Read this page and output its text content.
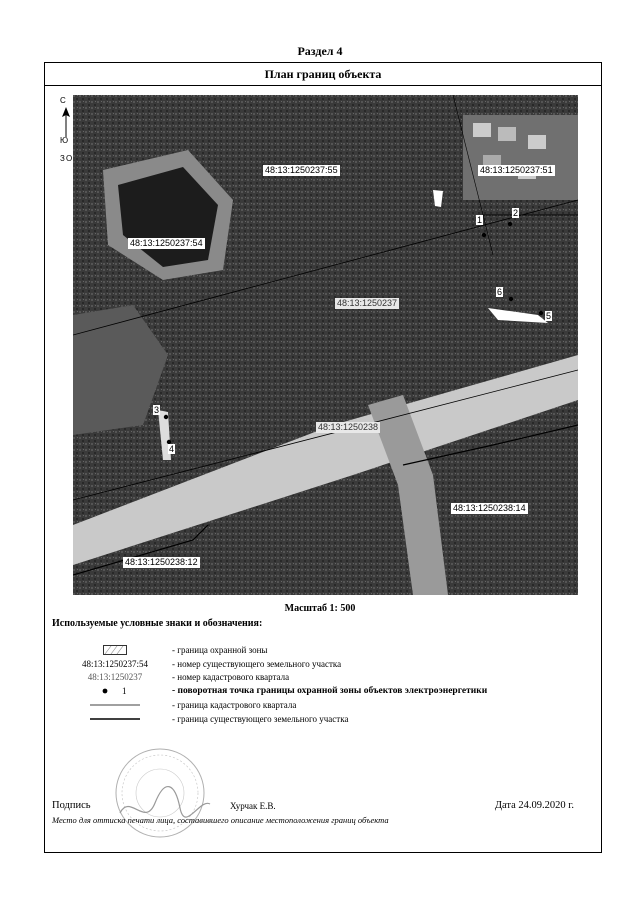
Раздел 4
План границ объекта
С
Ю
З О
48:13:1250237:55	48:13:1250237:51
48:13:1250237:54
48:13:1250238:14
48:13:1250238:12
48:13:1250237
48:13:1250238
1
2
6
5
3
4
Масштаб 1: 500
Используемые условные знаки и обозначения:
- граница охранной зоны
48:13:1250237:54	- номер существующего земельного участка
48:13:1250237	- номер кадастрового квартала
1	- поворотная точка границы охранной зоны объектов электроэнергетики
- граница кадастрового квартала
- граница существующего земельного участка
Подпись	Хурчак Е.В.	Дата 24.09.2020 г.
Место для оттиска печати лица, составившего описание местоположения границ объекта
